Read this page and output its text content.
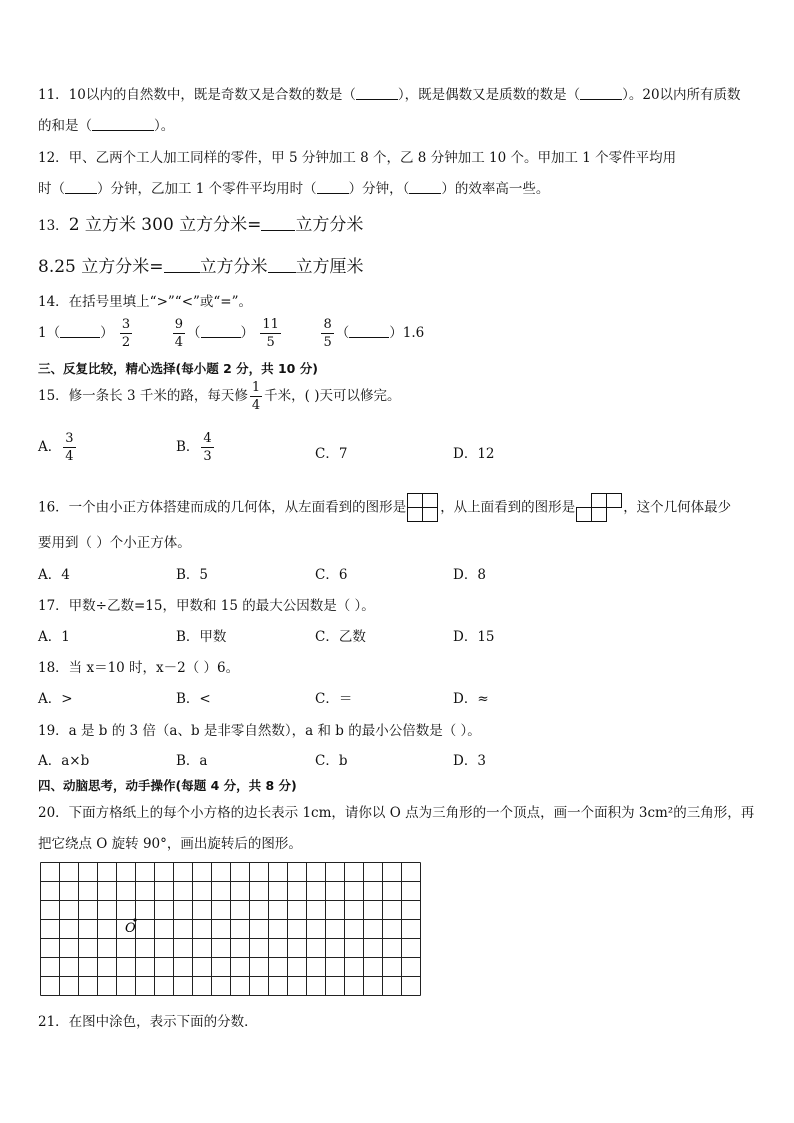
11．10以内的自然数中，既是奇数又是合数的数是（	），既是偶数又是质数的数是（	）。20以内所有质数
的和是（	）。
12．甲、乙两个工人加工同样的零件，甲 5 分钟加工 8 个，乙 8 分钟加工 10 个。甲加工 1 个零件平均用
时（ ）分钟，乙加工 1 个零件平均用时（ ）分钟，（ ）的效率高一些。
13．2 立方米 300 立方分米= 立方分米
8.25 立方分米= 立方分米 立方厘米
14．在括号里填上“>”“<”或“=”。
1（	） $\frac{3}{2}$
	$\frac{9}{4}$ （	） $\frac{11}{5}$
	$\frac{8}{5}$ （	）1.6
三、反复比较，精心选择(每小题 2 分，共 10 分)
15．修一条长 3 千米的路，每天修 $\frac{1}{4}$ 千米，( )天可以修完。
A． $\frac{3}{4}$	B． $\frac{4}{3}$	C．7	D．12
16．一个由小正方体搭建而成的几何体，从左面看到的图形是	，从上面看到的图形是	，这个几何体最少
要用到（ ）个小正方体。
A．4	B．5	C．6	D．8
17．甲数÷乙数=15，甲数和 15 的最大公因数是（ ）。
A．1	B．甲数	C．乙数	D．15
18．当 x＝10 时，x－2（ ）6。
A．>	B．<	C．＝	D．≈
19．a 是 b 的 3 倍（a、b 是非零自然数），a 和 b 的最小公倍数是（ ）。
A．a×b	B．a	C．b	D．3
四、动脑思考，动手操作(每题 4 分，共 8 分)
20．下面方格纸上的每个小方格的边长表示 1cm，请你以 O 点为三角形的一个顶点，画一个面积为 3cm²的三角形，再
把它绕点 O 旋转 90°，画出旋转后的图形。
O
21．在图中涂色，表示下面的分数．
